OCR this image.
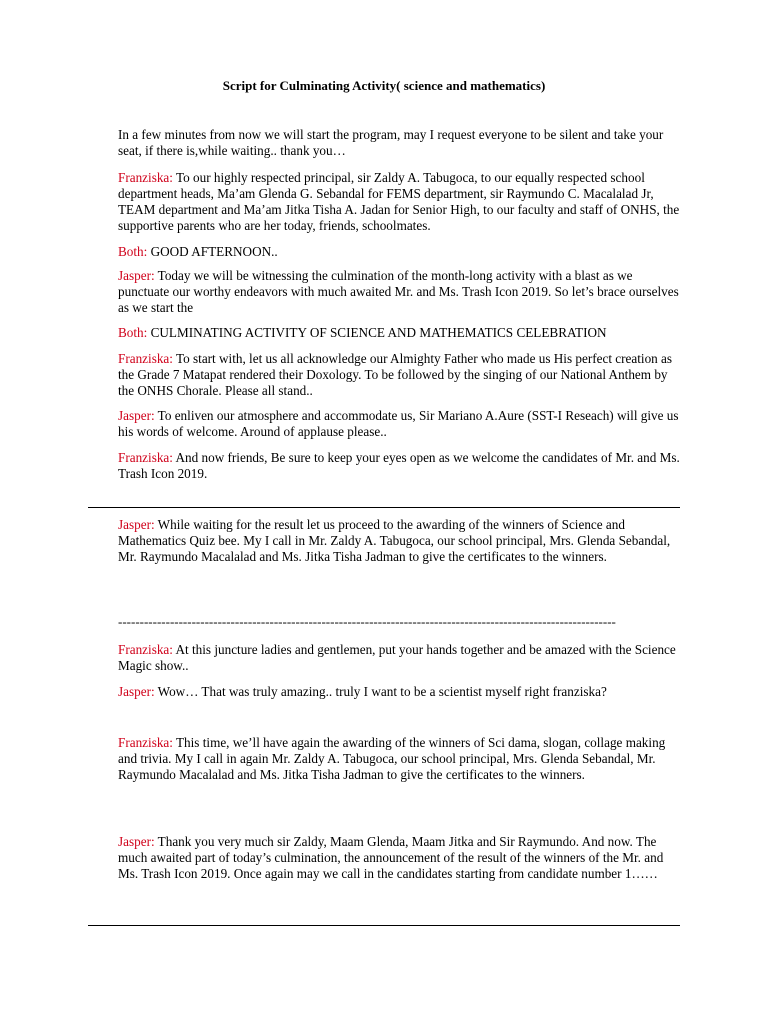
Script for Culminating Activity( science and mathematics)

In a few minutes from now we will start the program, may I request everyone to be silent and take your seat, if there is,while waiting.. thank you…

Franziska: To our highly respected principal, sir Zaldy A. Tabugoca, to our equally respected school department heads, Ma’am Glenda G. Sebandal for FEMS department, sir Raymundo C. Macalalad Jr, TEAM department and Ma’am Jitka Tisha A. Jadan for Senior High, to our faculty and staff of ONHS, the supportive parents who are her today, friends, schoolmates.

Both: GOOD AFTERNOON..

Jasper: Today we will be witnessing the culmination of the month-long activity with a blast as we punctuate our worthy endeavors with much awaited Mr. and Ms. Trash Icon 2019. So let’s brace ourselves as we start the

Both: CULMINATING ACTIVITY OF SCIENCE AND MATHEMATICS CELEBRATION

Franziska: To start with, let us all acknowledge our Almighty Father who made us His perfect creation as the Grade 7 Matapat rendered their Doxology. To be followed by the singing of our National Anthem by the ONHS Chorale. Please all stand..

Jasper: To enliven our atmosphere and accommodate us, Sir Mariano A.Aure (SST-I Reseach) will give us his words of welcome. Around of applause please..

Franziska: And now friends, Be sure to keep your eyes open as we welcome the candidates of Mr. and Ms. Trash Icon 2019.

Jasper: While waiting for the result let us proceed to the awarding of the winners of Science and Mathematics Quiz bee. My I call in Mr. Zaldy A. Tabugoca, our school principal, Mrs. Glenda Sebandal, Mr. Raymundo Macalalad and Ms. Jitka Tisha Jadman to give the certificates to the winners.

-------------------------------------------------------------------------------------------------------------------

Franziska: At this juncture ladies and gentlemen, put your hands together and be amazed with the Science Magic show..

Jasper: Wow… That was truly amazing.. truly I want to be a scientist myself right franziska?

Franziska: This time, we’ll have again the awarding of the winners of Sci dama, slogan, collage making and trivia. My I call in again Mr. Zaldy A. Tabugoca, our school principal, Mrs. Glenda Sebandal, Mr. Raymundo Macalalad and Ms. Jitka Tisha Jadman to give the certificates to the winners.

Jasper: Thank you very much sir Zaldy, Maam Glenda, Maam Jitka and Sir Raymundo. And now. The much awaited part of today’s culmination, the announcement of the result of the winners of the Mr. and Ms. Trash Icon 2019. Once again may we call in the candidates starting from candidate number 1……
